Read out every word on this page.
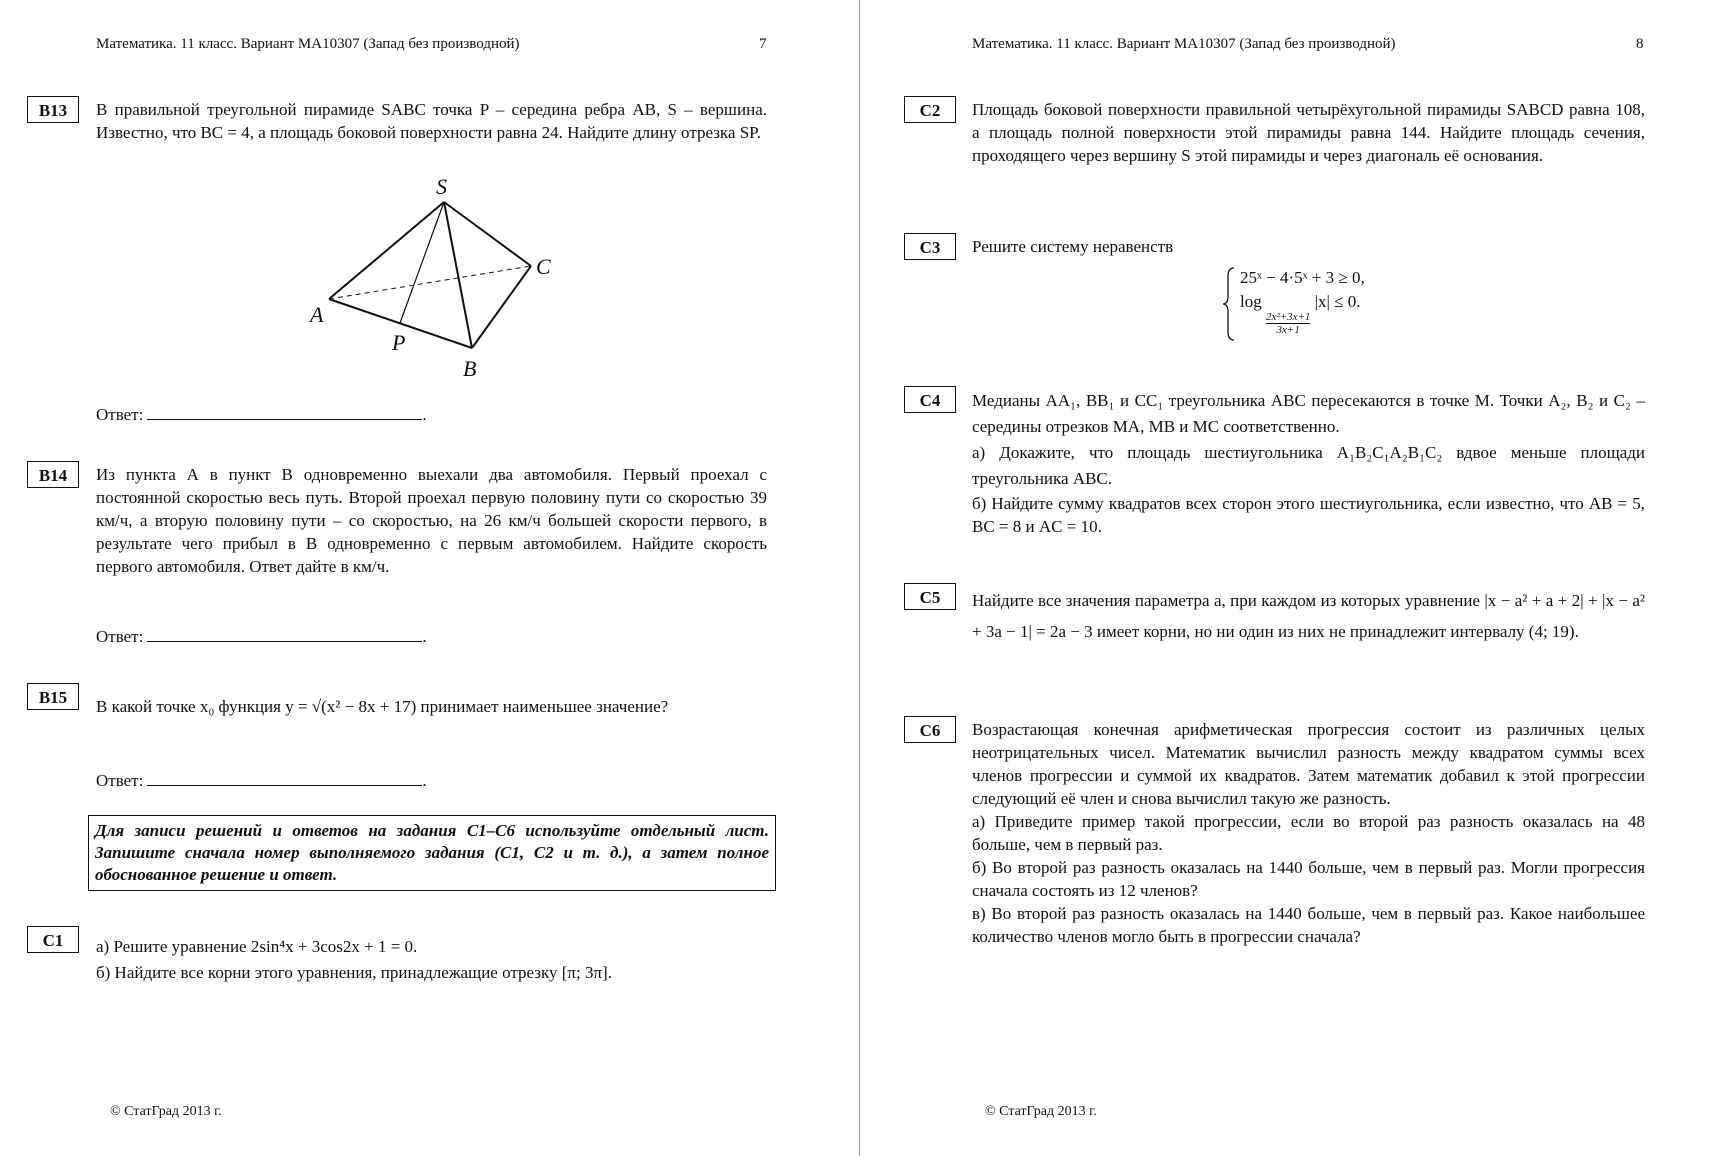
Математика. 11 класс. Вариант МА10307 (Запад без производной)	7
B13	В правильной треугольной пирамиде SABC точка P – середина ребра AB, S – вершина. Известно, что BC = 4, а площадь боковой поверхности равна 24. Найдите длину отрезка SP.
S
A
B
C
P
Ответ:	.
B14	Из пункта А в пункт В одновременно выехали два автомобиля. Первый проехал с постоянной скоростью весь путь. Второй проехал первую половину пути со скоростью 39 км/ч, а вторую половину пути – со скоростью, на 26 км/ч большей скорости первого, в результате чего прибыл в В одновременно с первым автомобилем. Найдите скорость первого автомобиля. Ответ дайте в км/ч.
Ответ:	.
B15	В какой точке x₀ функция y = √(x² − 8x + 17) принимает наименьшее значение?
Ответ:	.
Для записи решений и ответов на задания С1–С6 используйте отдельный лист. Запишите сначала номер выполняемого задания (С1, С2 и т. д.), а затем полное обоснованное решение и ответ.
C1	а) Решите уравнение 2sin⁴x + 3cos2x + 1 = 0.

б) Найдите все корни этого уравнения, принадлежащие отрезку [π; 3π].

© СтатГрад 2013 г.
Математика. 11 класс. Вариант МА10307 (Запад без производной)	8
C2	Площадь боковой поверхности правильной четырёхугольной пирамиды SABCD равна 108, а площадь полной поверхности этой пирамиды равна 144. Найдите площадь сечения, проходящего через вершину S этой пирамиды и через диагональ её основания.
C3	Решите систему неравенств
25ˣ − 4·5ˣ + 3 ≥ 0,
log
$\frac{\text{2x²+3x+1}}{3x+1}$
|x| ≤ 0.
C4	Медианы AA₁, BB₁ и CC₁ треугольника ABC пересекаются в точке M. Точки A₂, B₂ и C₂ – середины отрезков MA, MB и MC соответственно.

а) Докажите, что площадь шестиугольника A₁B₂C₁A₂B₁C₂ вдвое меньше площади треугольника ABC.

б) Найдите сумму квадратов всех сторон этого шестиугольника, если известно, что AB = 5, BC = 8 и AC = 10.

C5	Найдите все значения параметра a, при каждом из которых уравнение |x − a² + a + 2| + |x − a² + 3a − 1| = 2a − 3 имеет корни, но ни один из них не принадлежит интервалу (4; 19).
C6	Возрастающая конечная арифметическая прогрессия состоит из различных целых неотрицательных чисел. Математик вычислил разность между квадратом суммы всех членов прогрессии и суммой их квадратов. Затем математик добавил к этой прогрессии следующий её член и снова вычислил такую же разность.

а) Приведите пример такой прогрессии, если во второй раз разность оказалась на 48 больше, чем в первый раз.

б) Во второй раз разность оказалась на 1440 больше, чем в первый раз. Могли прогрессия сначала состоять из 12 членов?

в) Во второй раз разность оказалась на 1440 больше, чем в первый раз. Какое наибольшее количество членов могло быть в прогрессии сначала?

© СтатГрад 2013 г.
